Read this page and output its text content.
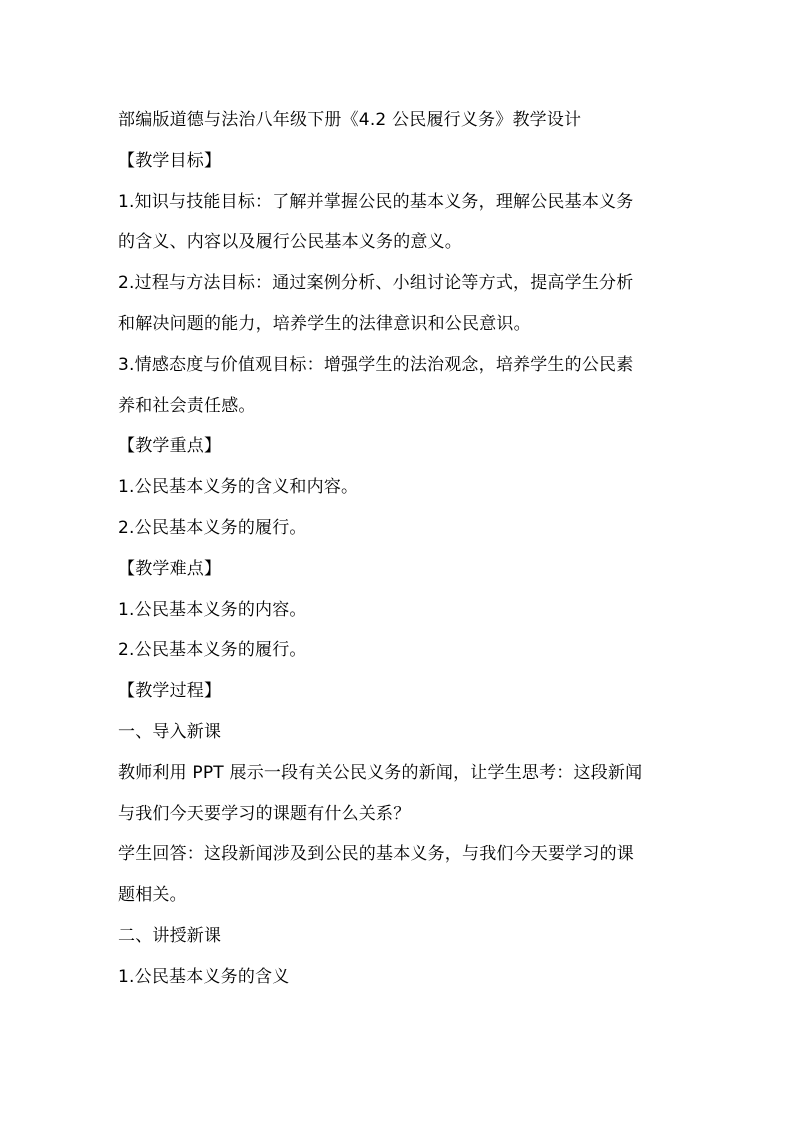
部编版道德与法治八年级下册《4.2 公民履行义务》教学设计
【教学目标】
1.知识与技能目标：了解并掌握公民的基本义务，理解公民基本义务
的含义、内容以及履行公民基本义务的意义。
2.过程与方法目标：通过案例分析、小组讨论等方式，提高学生分析
和解决问题的能力，培养学生的法律意识和公民意识。
3.情感态度与价值观目标：增强学生的法治观念，培养学生的公民素
养和社会责任感。
【教学重点】
1.公民基本义务的含义和内容。
2.公民基本义务的履行。
【教学难点】
1.公民基本义务的内容。
2.公民基本义务的履行。
【教学过程】
一、导入新课
教师利用 PPT 展示一段有关公民义务的新闻，让学生思考：这段新闻
与我们今天要学习的课题有什么关系？
学生回答：这段新闻涉及到公民的基本义务，与我们今天要学习的课
题相关。
二、讲授新课
1.公民基本义务的含义
